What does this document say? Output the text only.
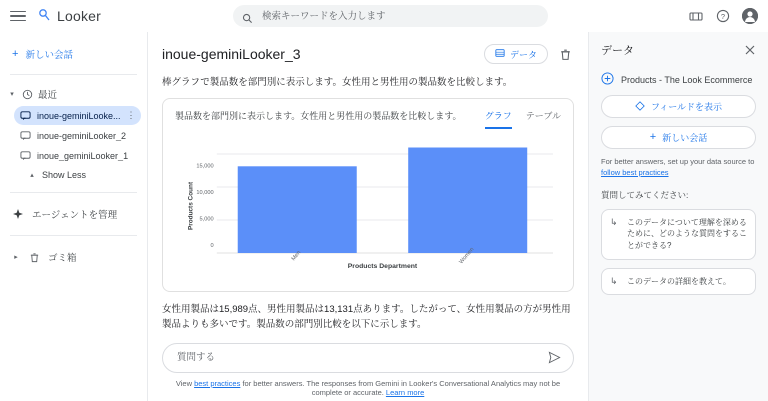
Looker
検索キーワードを入力します	?
+ 新しい会話
▾	最近
inoue-geminiLooke... ⋮
inoue-geminiLooker_2
inoue_geminiLooker_1
▴ Show Less
エージェントを管理
▸	ゴミ箱
inoue-geminiLooker_3	データ
棒グラフで製品数を部門別に表示します。女性用と男性用の製品数を比較します。
製品数を部門別に表示します。女性用と男性用の製品数を比較します。	グラフ テーブル
15,000
10,000
5,000
0
Products Count
Men	Women
Products Department
女性用製品は15,989点、男性用製品は13,131点あります。したがって、女性用製品の方が男性用製品よりも多いです。製品数の部門別比較を以下に示します。
質問する
View best practices for better answers. The responses from Gemini in Looker's Conversational Analytics may not be complete or accurate. Learn more
データ
Products - The Look Ecommerce
フィールドを表示
+ 新しい会話
For better answers, set up your data source to follow best practices
質問してみてください:
↳	このデータについて理解を深めるために、どのような質問をすることができる?
↳	このデータの詳細を教えて。
